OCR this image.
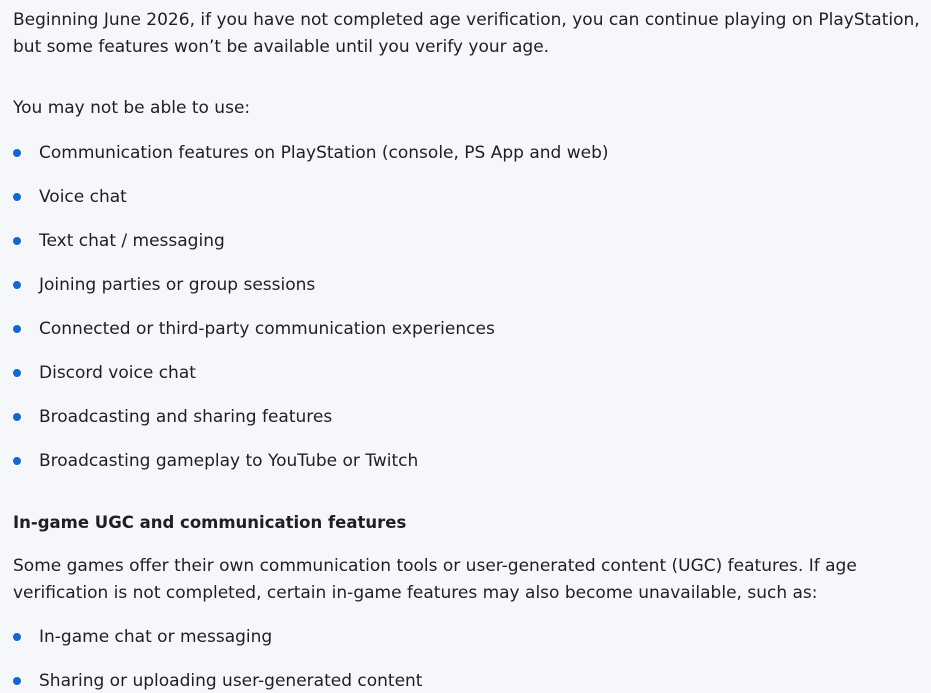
Beginning June 2026, if you have not completed age verification, you can continue playing on PlayStation, but some features won’t be available until you verify your age.

You may not be able to use:

Communication features on PlayStation (console, PS App and web)
Voice chat
Text chat / messaging
Joining parties or group sessions
Connected or third-party communication experiences
Discord voice chat
Broadcasting and sharing features
Broadcasting gameplay to YouTube or Twitch

In-game UGC and communication features

Some games offer their own communication tools or user-generated content (UGC) features. If age verification is not completed, certain in-game features may also become unavailable, such as:

In-game chat or messaging
Sharing or uploading user-generated content
